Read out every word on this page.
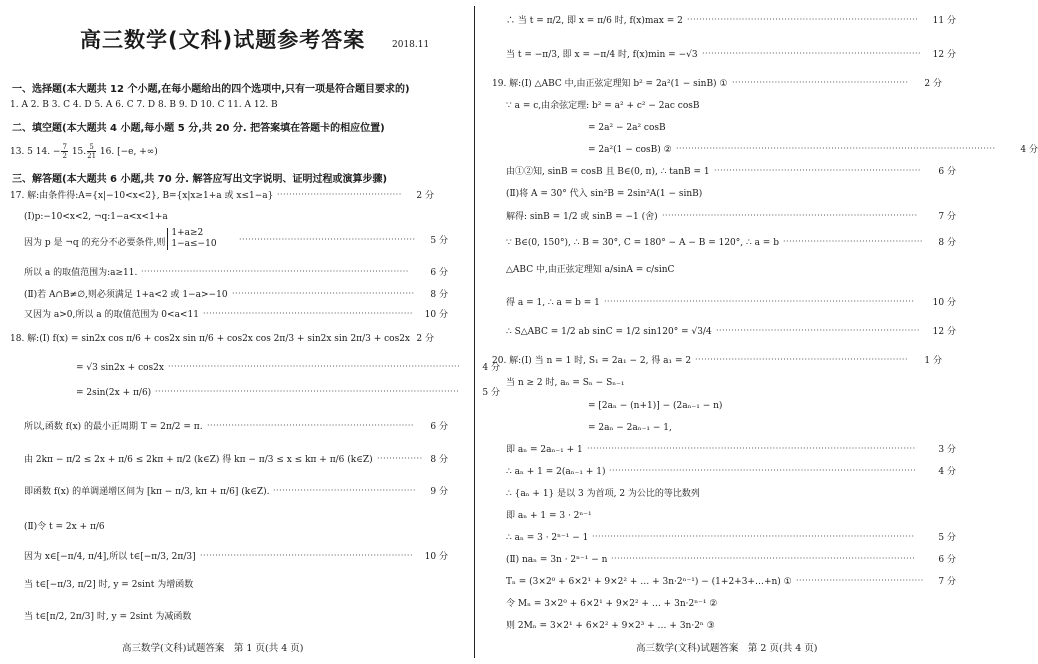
高三数学(文科)试题参考答案	2018.11
一、选择题(本大题共 12 个小题,在每小题给出的四个选项中,只有一项是符合题目要求的)
1. A 2. B 3. C 4. D 5. A 6. C 7. D 8. B 9. D 10. C 11. A 12. B
二、填空题(本大题共 4 小题,每小题 5 分,共 20 分. 把答案填在答题卡的相应位置)
13. 5 14. − $\frac{7}{2} 15$. $\frac{5}{21} 16$. [−e, +∞)
三、解答题(本大题共 6 小题,共 70 分. 解答应写出文字说明、证明过程或演算步骤)
17. 解:由条件得:A={x|−10<x<2}, B={x|x≥1+a 或 x≤1−a}	2 分
·········································
(Ⅰ)p:−10<x<2, ¬q:1−a<x<1+a
因为 p 是 ¬q 的充分不必要条件,则
1+a≥2
1−a≤−10	5 分
··························································
所以 a 的取值范围为:a≥11.	6 分
························································································
(Ⅱ)若 A∩B≠∅,则必须满足 1+a<2 或 1−a>−10	8 分
····························································
又因为 a>0,所以 a 的取值范围为 0<a<11	10 分
·····································································
18. 解:(Ⅰ) f(x) = sin2x cos π/6 + cos2x sin π/6 + cos2x cos 2π/3 + sin2x sin 2π/3 + cos2x 2 分
= √3 sin2x + cos2x	4 分
································································································
= 2sin(2x + π/6)	5 分
····································································································
所以,函数 f(x) 的最小正周期 T = 2π/2 = π.	6 分
····································································
由 2kπ − π/2 ≤ 2x + π/6 ≤ 2kπ + π/2 (k∈Z) 得 kπ − π/3 ≤ x ≤ kπ + π/6 (k∈Z)	8 分
···············
即函数 f(x) 的单调递增区间为 [kπ − π/3, kπ + π/6] (k∈Z).	9 分
···············································
(Ⅱ)令 t = 2x + π/6
因为 x∈[−π/4, π/4],所以 t∈[−π/3, 2π/3]	10 分
······································································
当 t∈[−π/3, π/2] 时, y = 2sint 为增函数
当 t∈[π/2, 2π/3] 时, y = 2sint 为减函数
高三数学(文科)试题答案　第 1 页(共 4 页)
∴ 当 t = π/2, 即 x = π/6 时, f(x)max = 2	11 分
············································································
当 t = −π/3, 即 x = −π/4 时, f(x)min = −√3	12 分
········································································
19. 解:(Ⅰ) △ABC 中,由正弦定理知 b² = 2a²(1 − sinB) ①	2 分
··························································
∵ a = c,由余弦定理: b² = a² + c² − 2ac cosB
= 2a² − 2a² cosB
= 2a²(1 − cosB) ②	4 分
·········································································································
由①②知, sinB = cosB 且 B∈(0, π), ∴ tanB = 1	6 分
····································································
(Ⅱ)将 A = 30° 代入 sin²B = 2sin²A(1 − sinB)
解得: sinB = 1/2 或 sinB = −1 (舍)	7 分
····················································································
∵ B∈(0, 150°), ∴ B = 30°, C = 180° − A − B = 120°, ∴ a = b	8 分
··············································
△ABC 中,由正弦定理知 a/sinA = c/sinC
得 a = 1, ∴ a = b = 1	10 分
······································································································
∴ S△ABC = 1/2 ab sinC = 1/2 sin120° = √3/4	12 分
···································································
20. 解:(Ⅰ) 当 n = 1 时, S₁ = 2a₁ − 2, 得 a₁ = 2	1 分
······································································
当 n ≥ 2 时, aₙ = Sₙ − Sₙ₋₁
= [2aₙ − (n+1)] − (2aₙ₋₁ − n)
= 2aₙ − 2aₙ₋₁ − 1,
即 aₙ = 2aₙ₋₁ + 1	3 分
············································································································
∴ aₙ + 1 = 2(aₙ₋₁ + 1)	4 分
·····································································································
∴ {aₙ + 1} 是以 3 为首项, 2 为公比的等比数列
即 aₙ + 1 = 3 · 2ⁿ⁻¹
∴ aₙ = 3 · 2ⁿ⁻¹ − 1	5 分
··········································································································
(Ⅱ) naₙ = 3n · 2ⁿ⁻¹ − n	6 分
····································································································
Tₙ = (3×2⁰ + 6×2¹ + 9×2² + … + 3n·2ⁿ⁻¹) − (1+2+3+…+n) ①	7 分
··········································
令 Mₙ = 3×2⁰ + 6×2¹ + 9×2² + … + 3n·2ⁿ⁻¹ ②
则 2Mₙ = 3×2¹ + 6×2² + 9×2³ + … + 3n·2ⁿ ③
高三数学(文科)试题答案　第 2 页(共 4 页)
